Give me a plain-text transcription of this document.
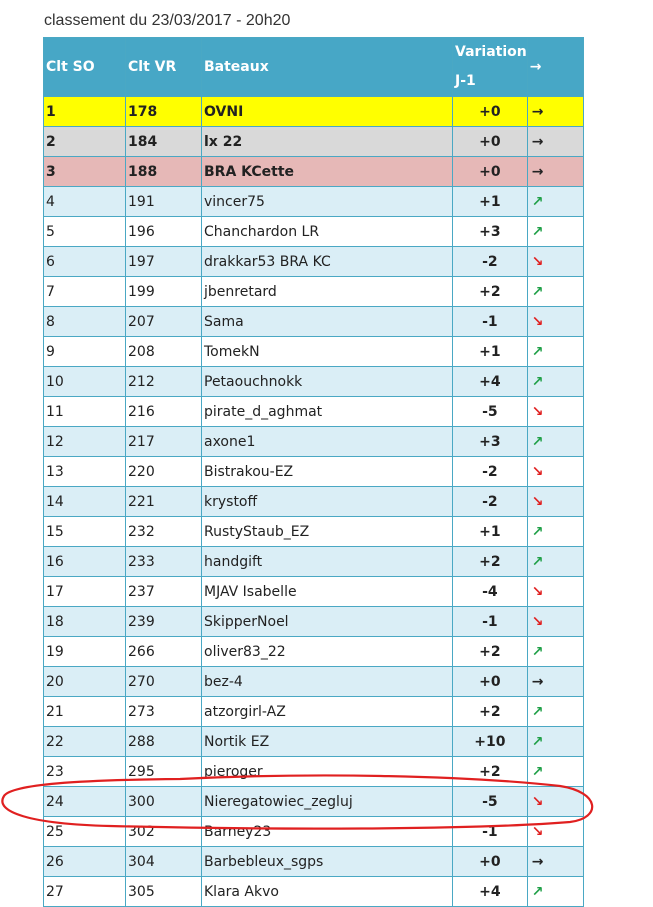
classement du 23/03/2017 - 20h20
Clt SO	Clt VR	Bateaux	Variation
J-1	→
1	178	OVNI	+0	→
2	184	lx 22	+0	→
3	188	BRA KCette	+0	→
4	191	vincer75	+1	↗
5	196	Chanchardon LR	+3	↗
6	197	drakkar53 BRA KC	-2	↘
7	199	jbenretard	+2	↗
8	207	Sama	-1	↘
9	208	TomekN	+1	↗
10	212	Petaouchnokk	+4	↗
11	216	pirate_d_aghmat	-5	↘
12	217	axone1	+3	↗
13	220	Bistrakou-EZ	-2	↘
14	221	krystoff	-2	↘
15	232	RustyStaub_EZ	+1	↗
16	233	handgift	+2	↗
17	237	MJAV Isabelle	-4	↘
18	239	SkipperNoel	-1	↘
19	266	oliver83_22	+2	↗
20	270	bez-4	+0	→
21	273	atzorgirl-AZ	+2	↗
22	288	Nortik EZ	+10	↗
23	295	pieroger	+2	↗
24	300	Nieregatowiec_zegluj	-5	↘
25	302	Barney23	-1	↘
26	304	Barbebleux_sgps	+0	→
27	305	Klara Akvo	+4	↗
